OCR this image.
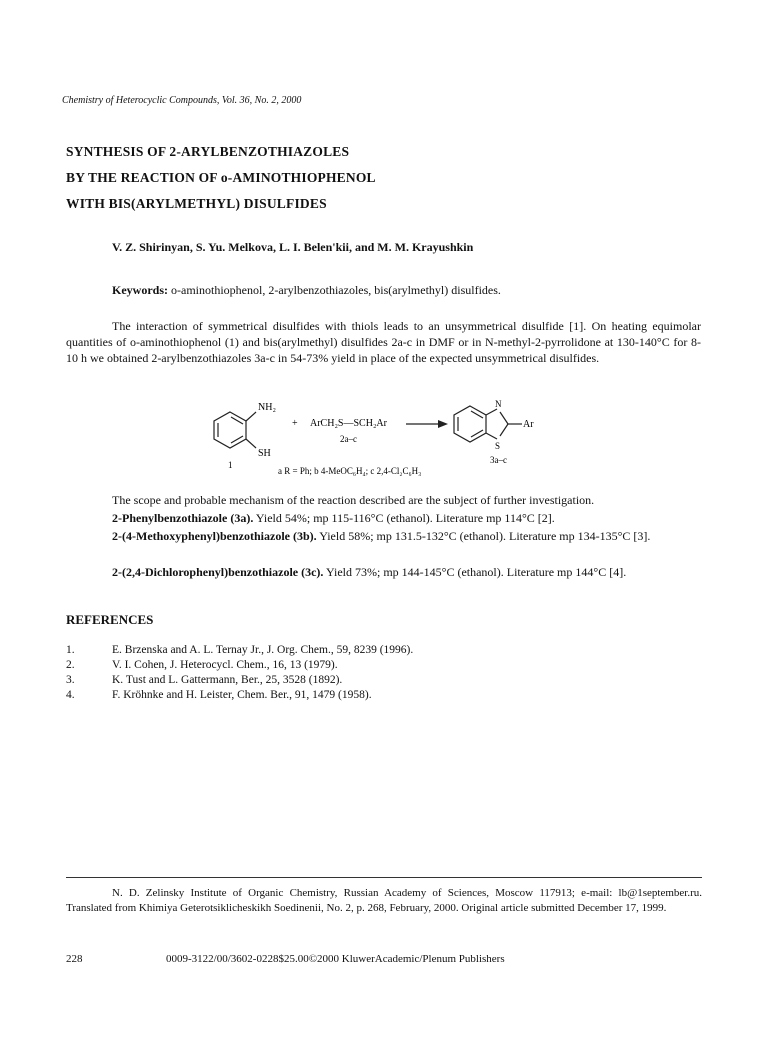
Chemistry of Heterocyclic Compounds, Vol. 36, No. 2, 2000
SYNTHESIS OF 2-ARYLBENZOTHIAZOLES
BY THE REACTION OF o-AMINOTHIOPHENOL
WITH BIS(ARYLMETHYL) DISULFIDES
V. Z. Shirinyan, S. Yu. Melkova, L. I. Belen'kii, and M. M. Krayushkin
Keywords: o-aminothiophenol, 2-arylbenzothiazoles, bis(arylmethyl) disulfides.
The interaction of symmetrical disulfides with thiols leads to an unsymmetrical disulfide [1]. On heating equimolar quantities of o-aminothiophenol (1) and bis(arylmethyl) disulfides 2a-c in DMF or in N-methyl-2-pyrrolidone at 130-140°C for 8-10 h we obtained 2-arylbenzothiazoles 3a-c in 54-73% yield in place of the expected unsymmetrical disulfides.
NH₂
SH
1
+ ArCH₂S—SCH₂Ar
2a–c
N
S
Ar
3a–c
a R = Ph; b 4-MeOC₆H₄; c 2,4-Cl₂C₆H₃
The scope and probable mechanism of the reaction described are the subject of further investigation.
2-Phenylbenzothiazole (3a). Yield 54%; mp 115-116°C (ethanol). Literature mp 114°C [2].
2-(4-Methoxyphenyl)benzothiazole (3b). Yield 58%; mp 131.5-132°C (ethanol). Literature mp 134-135°C [3].
2-(2,4-Dichlorophenyl)benzothiazole (3c). Yield 73%; mp 144-145°C (ethanol). Literature mp 144°C [4].
REFERENCES
1.	E. Brzenska and A. L. Ternay Jr., J. Org. Chem., 59, 8239 (1996).
2.	V. I. Cohen, J. Heterocycl. Chem., 16, 13 (1979).
3.	K. Tust and L. Gattermann, Ber., 25, 3528 (1892).
4.	F. Kröhnke and H. Leister, Chem. Ber., 91, 1479 (1958).
N. D. Zelinsky Institute of Organic Chemistry, Russian Academy of Sciences, Moscow 117913; e-mail: lb@1september.ru. Translated from Khimiya Geterotsiklicheskikh Soedinenii, No. 2, p. 268, February, 2000. Original article submitted December 17, 1999.
228	0009-3122/00/3602-0228$25.00©2000 KluwerAcademic/Plenum Publishers
